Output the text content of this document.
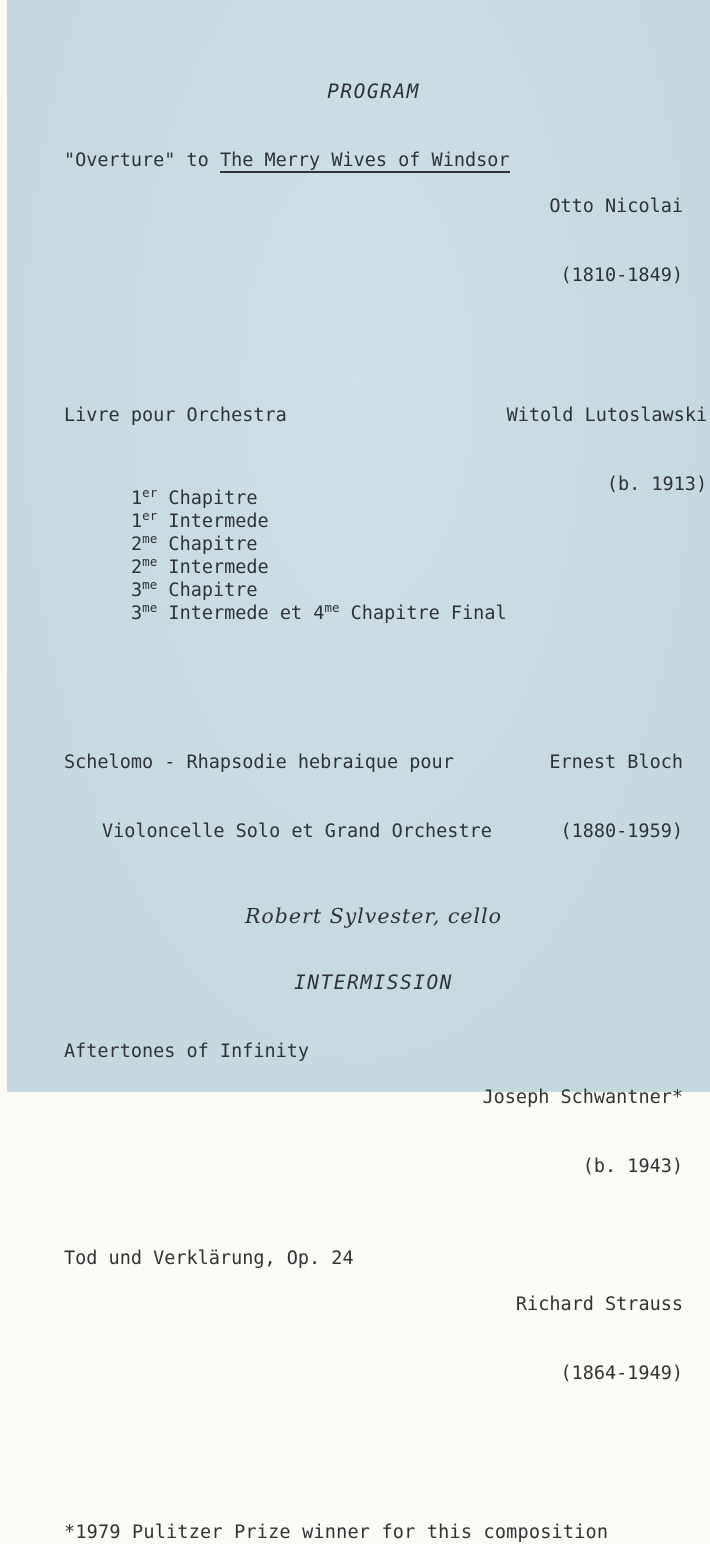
PROGRAM
"Overture" to The Merry Wives of Windsor

Otto Nicolai

(1810-1849)

Livre pour Orchestra

1er Chapitre
1er Intermede
$2^{me}$ Chapitre
$2^{me}$ Intermede
$3^{me}$ Chapitre
$3^{me}$ Intermede et $4^{me}$ Chapitre Final

Witold Lutoslawski

(b. 1913)

Schelomo - Rhapsodie hebraique pour

Violoncelle Solo et Grand Orchestre

Ernest Bloch

(1880-1959)

Robert Sylvester, cello
INTERMISSION
Aftertones of Infinity

Joseph Schwantner*

(b. 1943)

Tod und Verklärung, Op. 24

Richard Strauss

(1864-1949)

*1979 Pulitzer Prize winner for this composition
